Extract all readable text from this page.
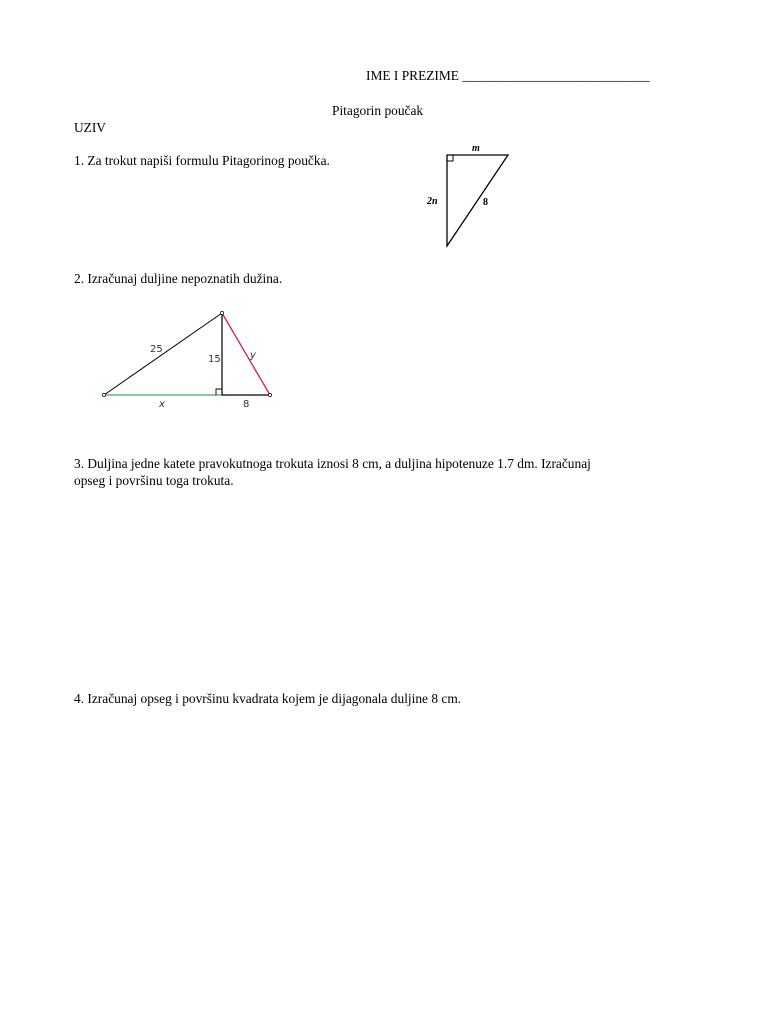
IME I PREZIME ____________________________
Pitagorin poučak
UZIV
1. Za trokut napiši formulu Pitagorinog poučka.
m
2n	8
2. Izračunaj duljine nepoznatih dužina.
25
15	y
x	8
3. Duljina jedne katete pravokutnoga trokuta iznosi 8 cm, a duljina hipotenuze 1.7 dm. Izračunaj
opseg i površinu toga trokuta.
4. Izračunaj opseg i površinu kvadrata kojem je dijagonala duljine 8 cm.
